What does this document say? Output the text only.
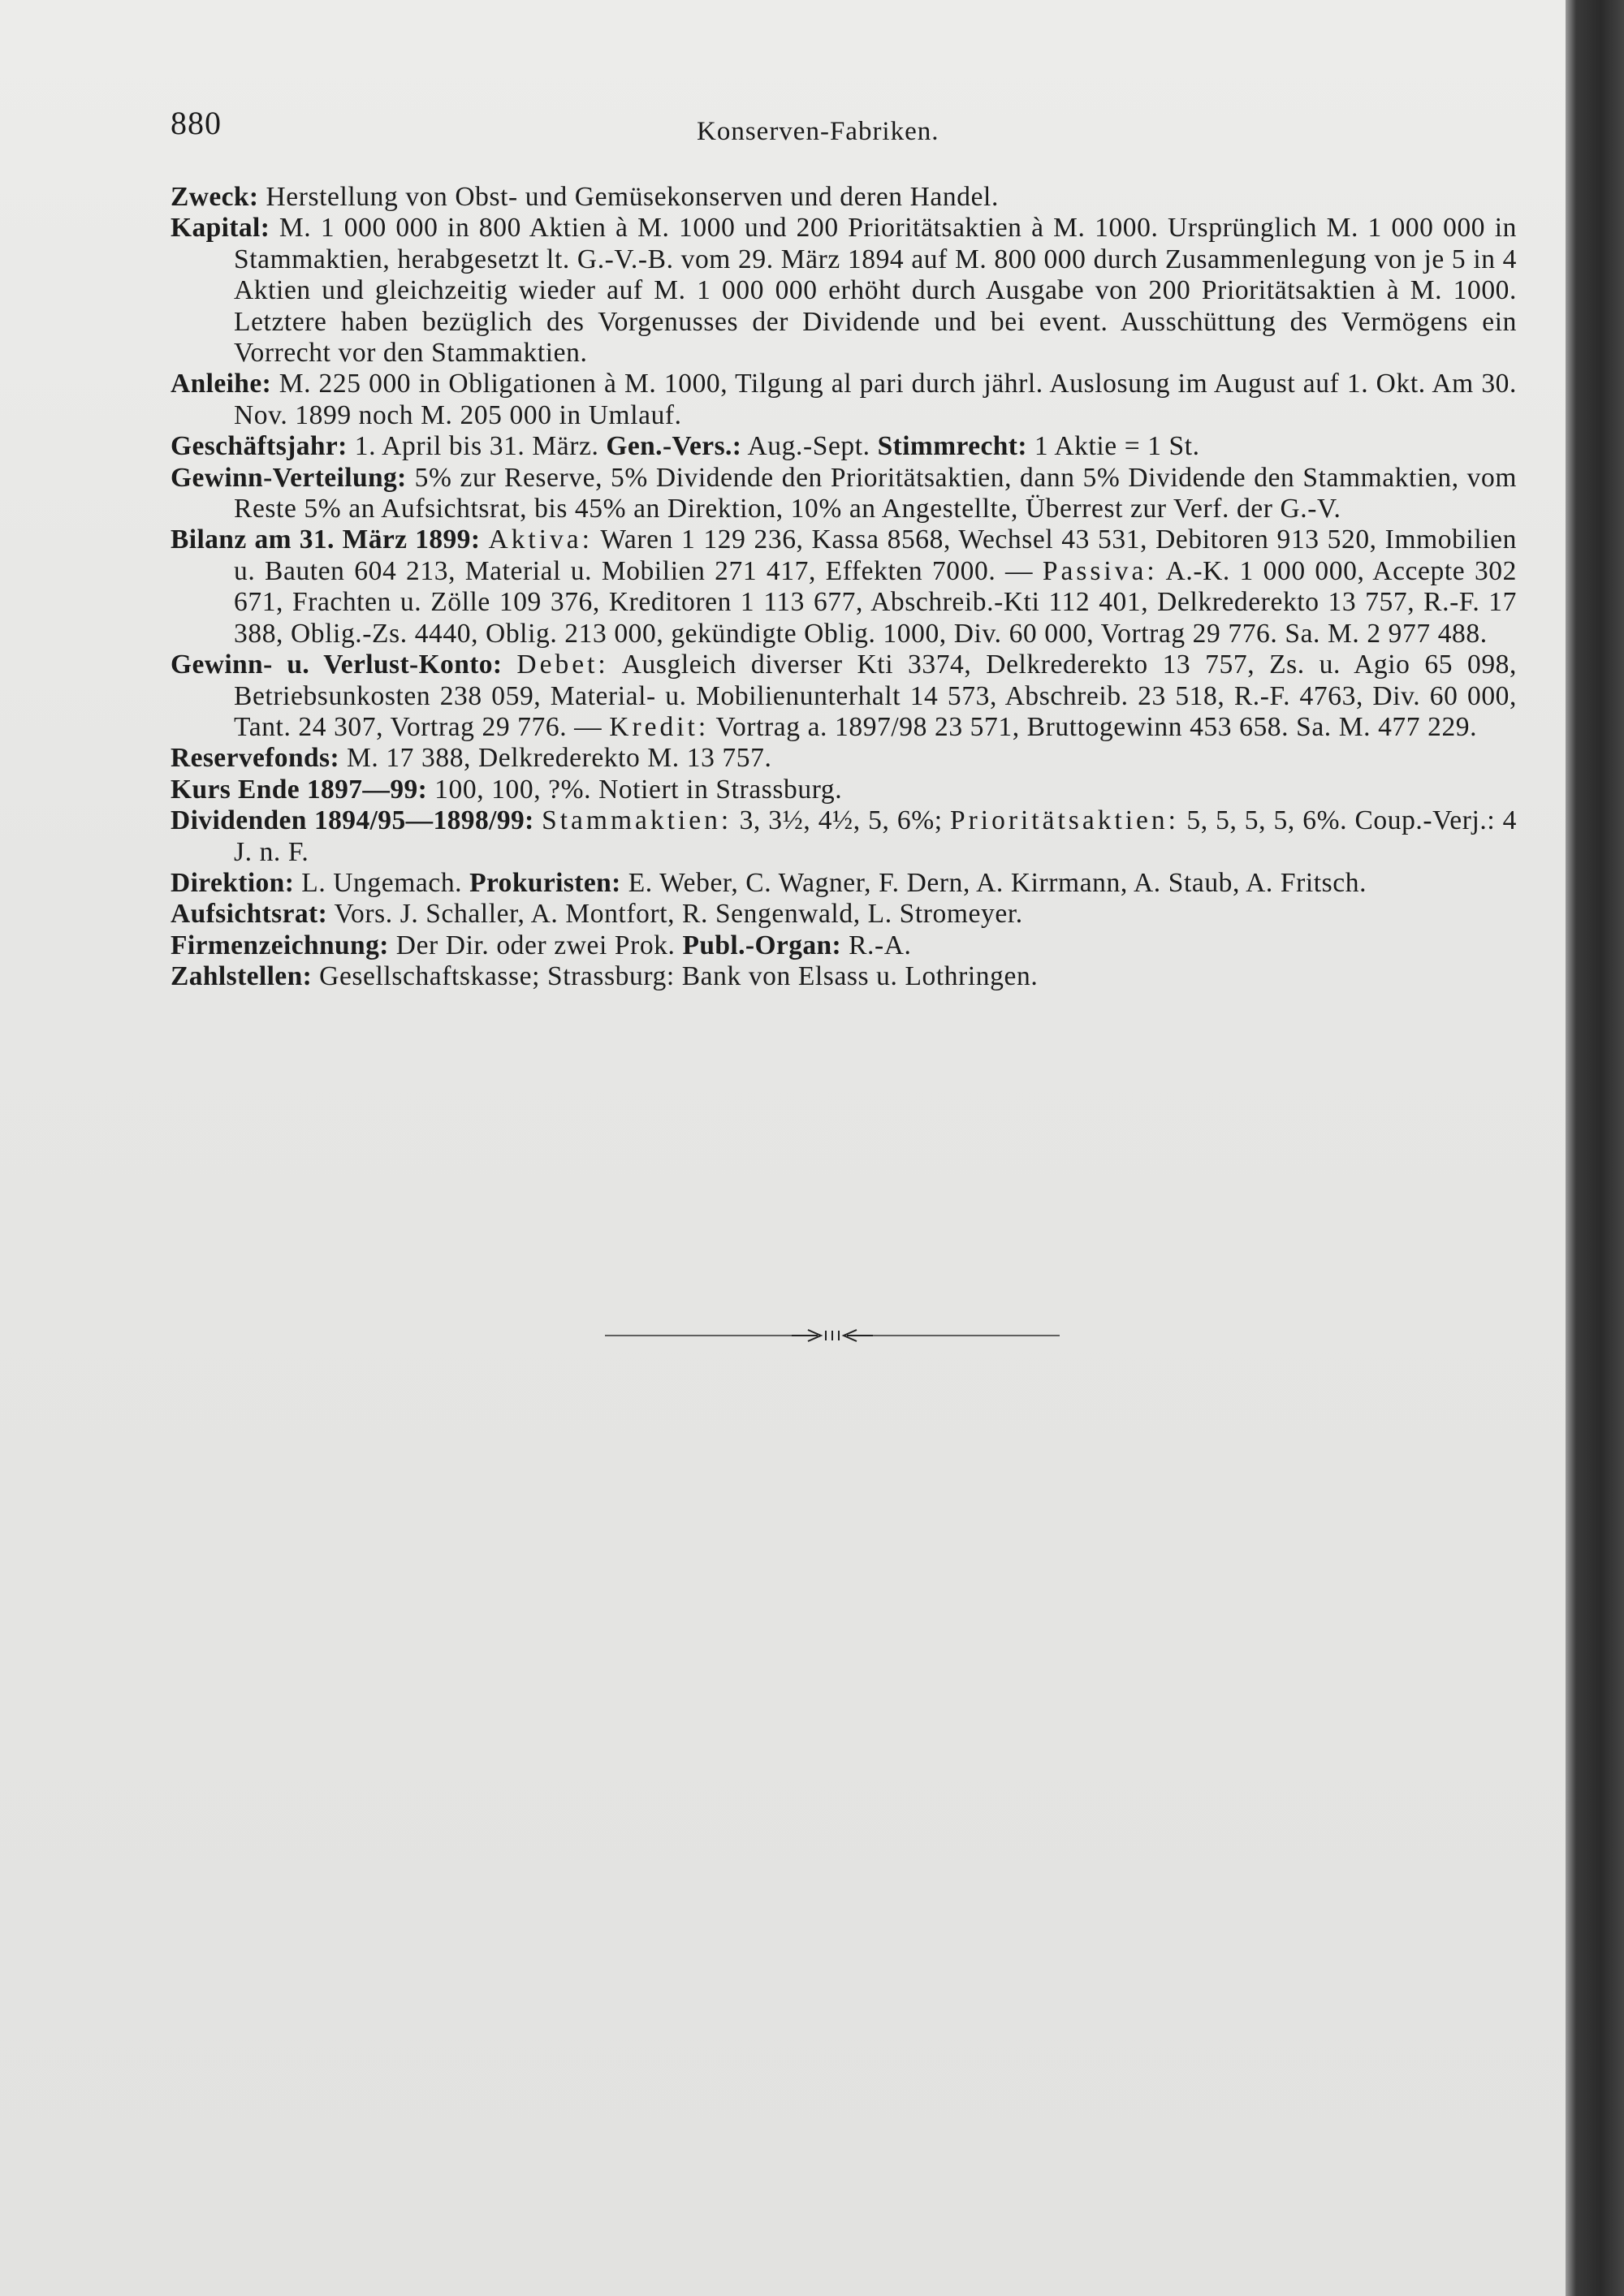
880	Konserven-Fabriken.

Zweck: Herstellung von Obst- und Gemüsekonserven und deren Handel.

Kapital: M. 1 000 000 in 800 Aktien à M. 1000 und 200 Prioritätsaktien à M. 1000. Ursprünglich M. 1 000 000 in Stammaktien, herabgesetzt lt. G.-V.-B. vom 29. März 1894 auf M. 800 000 durch Zusammenlegung von je 5 in 4 Aktien und gleichzeitig wieder auf M. 1 000 000 erhöht durch Ausgabe von 200 Prioritätsaktien à M. 1000. Letztere haben bezüglich des Vorgenusses der Dividende und bei event. Ausschüttung des Vermögens ein Vorrecht vor den Stammaktien.

Anleihe: M. 225 000 in Obligationen à M. 1000, Tilgung al pari durch jährl. Auslosung im August auf 1. Okt. Am 30. Nov. 1899 noch M. 205 000 in Umlauf.

Geschäftsjahr: 1. April bis 31. März. Gen.-Vers.: Aug.-Sept. Stimmrecht: 1 Aktie = 1 St.

Gewinn-Verteilung: 5% zur Reserve, 5% Dividende den Prioritätsaktien, dann 5% Dividende den Stammaktien, vom Reste 5% an Aufsichtsrat, bis 45% an Direktion, 10% an Angestellte, Überrest zur Verf. der G.-V.

Bilanz am 31. März 1899: Aktiva: Waren 1 129 236, Kassa 8568, Wechsel 43 531, Debitoren 913 520, Immobilien u. Bauten 604 213, Material u. Mobilien 271 417, Effekten 7000. — Passiva: A.-K. 1 000 000, Accepte 302 671, Frachten u. Zölle 109 376, Kreditoren 1 113 677, Abschreib.-Kti 112 401, Delkrederekto 13 757, R.-F. 17 388, Oblig.-Zs. 4440, Oblig. 213 000, gekündigte Oblig. 1000, Div. 60 000, Vortrag 29 776. Sa. M. 2 977 488.

Gewinn- u. Verlust-Konto: Debet: Ausgleich diverser Kti 3374, Delkrederekto 13 757, Zs. u. Agio 65 098, Betriebsunkosten 238 059, Material- u. Mobilienunterhalt 14 573, Abschreib. 23 518, R.-F. 4763, Div. 60 000, Tant. 24 307, Vortrag 29 776. — Kredit: Vortrag a. 1897/98 23 571, Bruttogewinn 453 658. Sa. M. 477 229.

Reservefonds: M. 17 388, Delkrederekto M. 13 757.

Kurs Ende 1897—99: 100, 100, ?%. Notiert in Strassburg.

Dividenden 1894/95—1898/99: Stammaktien: 3, 3½, 4½, 5, 6%; Prioritätsaktien: 5, 5, 5, 5, 6%. Coup.-Verj.: 4 J. n. F.

Direktion: L. Ungemach. Prokuristen: E. Weber, C. Wagner, F. Dern, A. Kirrmann, A. Staub, A. Fritsch.

Aufsichtsrat: Vors. J. Schaller, A. Montfort, R. Sengenwald, L. Stromeyer.

Firmenzeichnung: Der Dir. oder zwei Prok. Publ.-Organ: R.-A.

Zahlstellen: Gesellschaftskasse; Strassburg: Bank von Elsass u. Lothringen.
